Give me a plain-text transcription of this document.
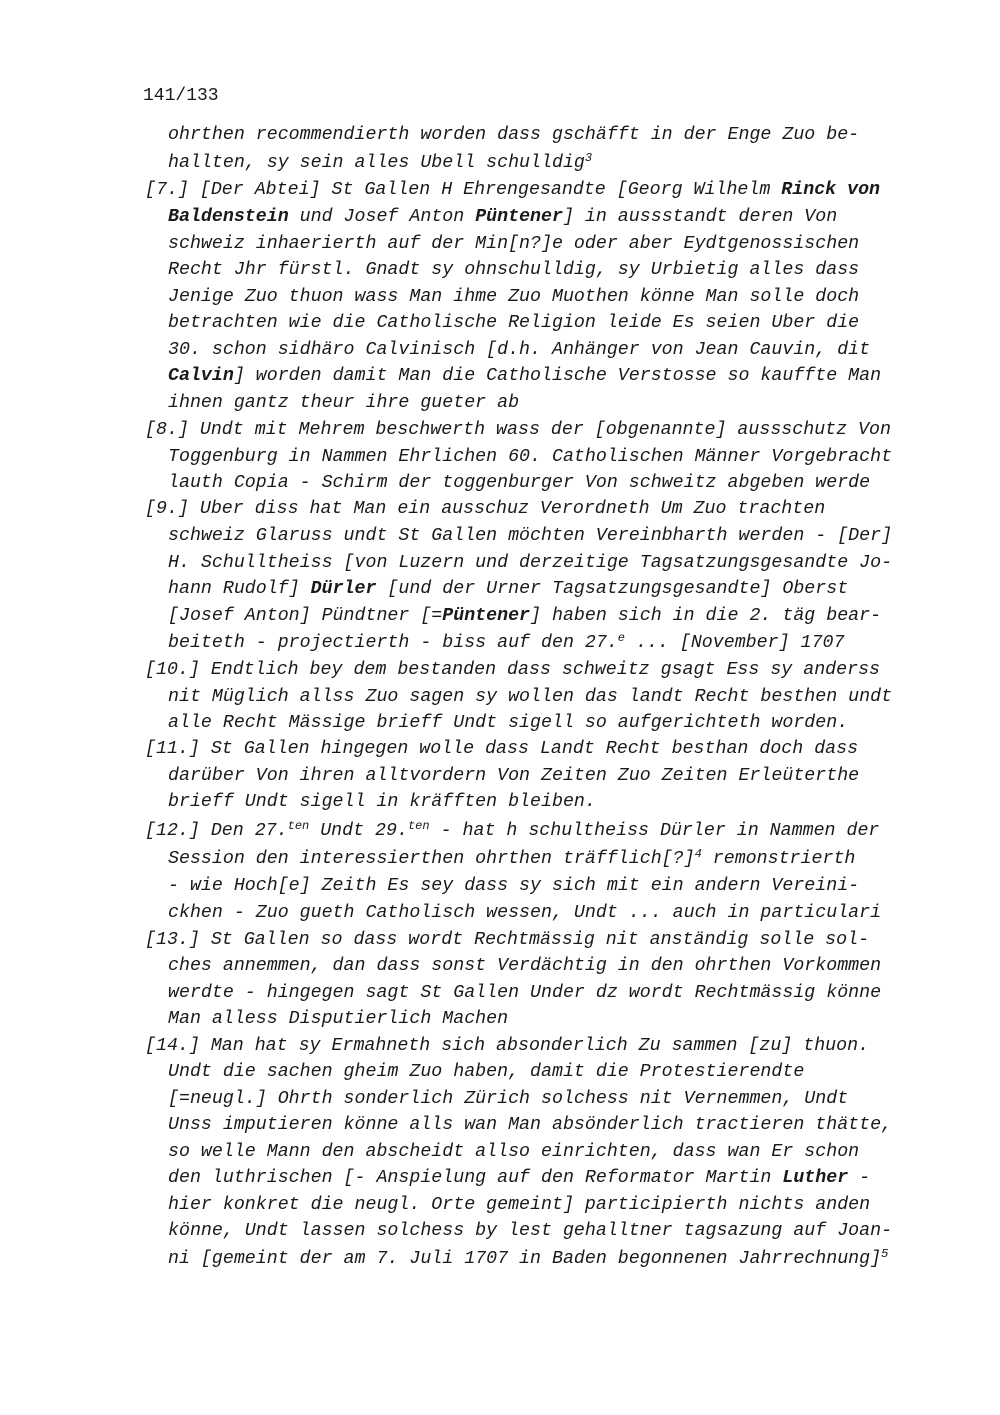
141/133
ohrthen recommendierth worden dass gschäfft in der Enge Zuo be-
hallten, sy sein alles Ubell schulldig$^3$
[7.] [Der Abtei] St Gallen H Ehrengesandte [Georg Wilhelm Rinck von
Baldenstein und Josef Anton Püntener] in aussstandt deren Von
schweiz inhaerierth auf der Min[n?]e oder aber Eydtgenossischen
Recht Jhr fürstl. Gnadt sy ohnschulldig, sy Urbietig alles dass
Jenige Zuo thuon wass Man ihme Zuo Muothen könne Man solle doch
betrachten wie die Catholische Religion leide Es seien Uber die
30. schon sidhäro Calvinisch [d.h. Anhänger von Jean Cauvin, dit
Calvin] worden damit Man die Catholische Verstosse so kauffte Man
ihnen gantz theur ihre gueter ab
[8.] Undt mit Mehrem beschwerth wass der [obgenannte] aussschutz Von
Toggenburg in Nammen Ehrlichen 60. Catholischen Männer Vorgebracht
lauth Copia - Schirm der toggenburger Von schweitz abgeben werde
[9.] Uber diss hat Man ein ausschuz Verordneth Um Zuo trachten
schweiz Glaruss undt St Gallen möchten Vereinbharth werden - [Der]
H. Schulltheiss [von Luzern und derzeitige Tagsatzungsgesandte Jo-
hann Rudolf] Dürler [und der Urner Tagsatzungsgesandte] Oberst
[Josef Anton] Pündtner [=Püntener] haben sich in die 2. täg bear-
beiteth - projectierth - biss auf den 27.$^e$ ... [November] 1707
[10.] Endtlich bey dem bestanden dass schweitz gsagt Ess sy anderss
nit Müglich allss Zuo sagen sy wollen das landt Recht besthen undt
alle Recht Mässige brieff Undt sigell so aufgerichteth worden.
[11.] St Gallen hingegen wolle dass Landt Recht besthan doch dass
darüber Von ihren alltvordern Von Zeiten Zuo Zeiten Erleüterthe
brieff Undt sigell in kräfften bleiben.
[12.] Den 27.$^{ten}$ Undt 29.$^{ten}$ - hat h schultheiss Dürler in Nammen der
Session den interessierthen ohrthen träfflich[?]$^4$ remonstrierth
- wie Hoch[e] Zeith Es sey dass sy sich mit ein andern Vereini-
ckhen - Zuo gueth Catholisch wessen, Undt ... auch in particulari
[13.] St Gallen so dass wordt Rechtmässig nit anständig solle sol-
ches annemmen, dan dass sonst Verdächtig in den ohrthen Vorkommen
werdte - hingegen sagt St Gallen Under dz wordt Rechtmässig könne
Man alless Disputierlich Machen
[14.] Man hat sy Ermahneth sich absonderlich Zu sammen [zu] thuon.
Undt die sachen gheim Zuo haben, damit die Protestierendte
[=neugl.] Ohrth sonderlich Zürich solchess nit Vernemmen, Undt
Unss imputieren könne alls wan Man absönderlich tractieren thätte,
so welle Mann den abscheidt allso einrichten, dass wan Er schon
den luthrischen [- Anspielung auf den Reformator Martin Luther -
hier konkret die neugl. Orte gemeint] participierth nichts anden
könne, Undt lassen solchess by lest gehalltner tagsazung auf Joan-
ni [gemeint der am 7. Juli 1707 in Baden begonnenen Jahrrechnung]$^5$
